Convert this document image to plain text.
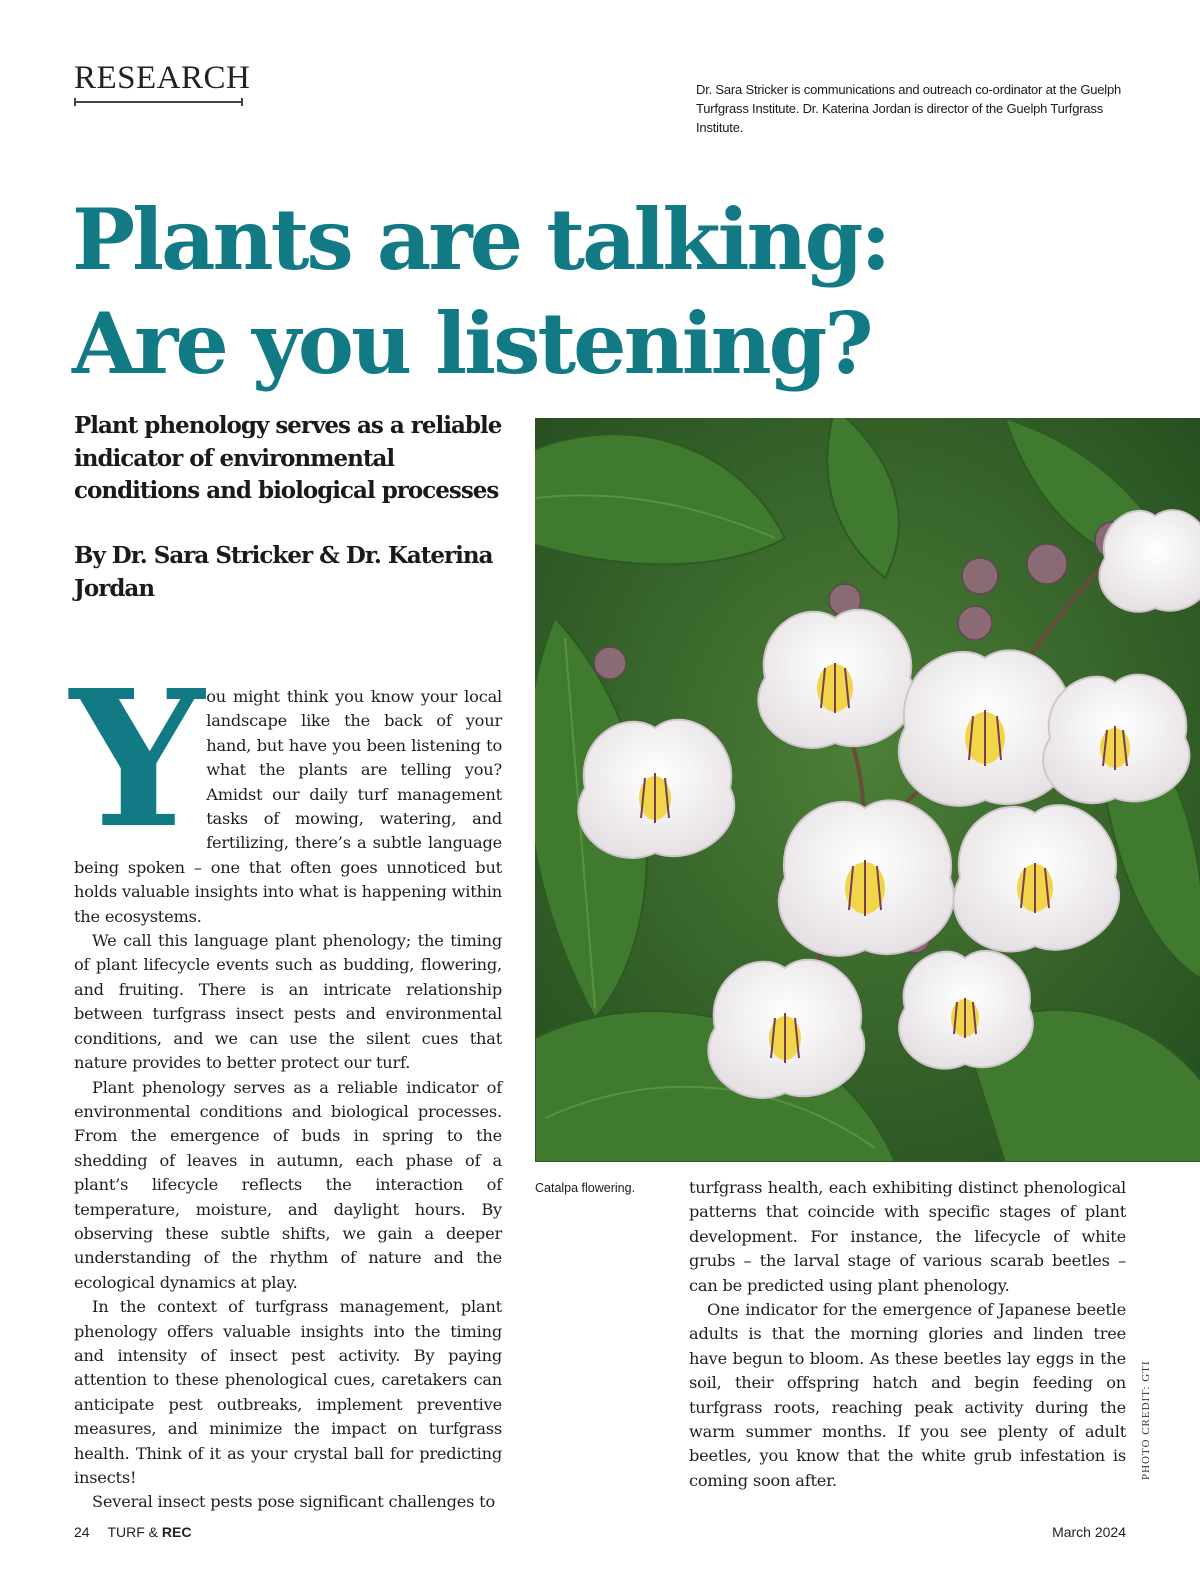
RESEARCH	Dr. Sara Stricker is communications and outreach co-ordinator at the Guelph Turfgrass Institute. Dr. Katerina Jordan is director of the Guelph Turfgrass Institute.
Plants are talking:
Are you listening?
Plant phenology serves as a reliable indicator of environmental conditions and biological processes
By Dr. Sara Stricker & Dr. Katerina Jordan
Catalpa flowering.

You might think you know your local landscape like the back of your hand, but have you been listening to what the plants are telling you? Amidst our daily turf management tasks of mowing, watering, and fertilizing, there’s a subtle language being spoken – one that often goes unnoticed but holds valuable insights into what is happening within the ecosystems.

We call this language plant phenology; the timing of plant lifecycle events such as budding, flowering, and fruiting. There is an intricate relationship between turfgrass insect pests and environmental conditions, and we can use the silent cues that nature provides to better protect our turf.

Plant phenology serves as a reliable indicator of environmental conditions and biological processes. From the emergence of buds in spring to the shedding of leaves in autumn, each phase of a plant’s lifecycle reflects the interaction of temperature, moisture, and daylight hours. By observing these subtle shifts, we gain a deeper understanding of the rhythm of nature and the ecological dynamics at play.

In the context of turfgrass management, plant phenology offers valuable insights into the timing and intensity of insect pest activity. By paying attention to these phenological cues, caretakers can anticipate pest outbreaks, implement preventive measures, and minimize the impact on turfgrass health. Think of it as your crystal ball for predicting insects!

Several insect pests pose significant challenges to

turfgrass health, each exhibiting distinct phenological patterns that coincide with specific stages of plant development. For instance, the lifecycle of white grubs – the larval stage of various scarab beetles – can be predicted using plant phenology.

One indicator for the emergence of Japanese beetle adults is that the morning glories and linden tree have begun to bloom. As these beetles lay eggs in the soil, their offspring hatch and begin feeding on turfgrass roots, reaching peak activity during the warm summer months. If you see plenty of adult beetles, you know that the white grub infestation is coming soon after.

PHOTO CREDIT: GTI
24 TURF & REC	March 2024
